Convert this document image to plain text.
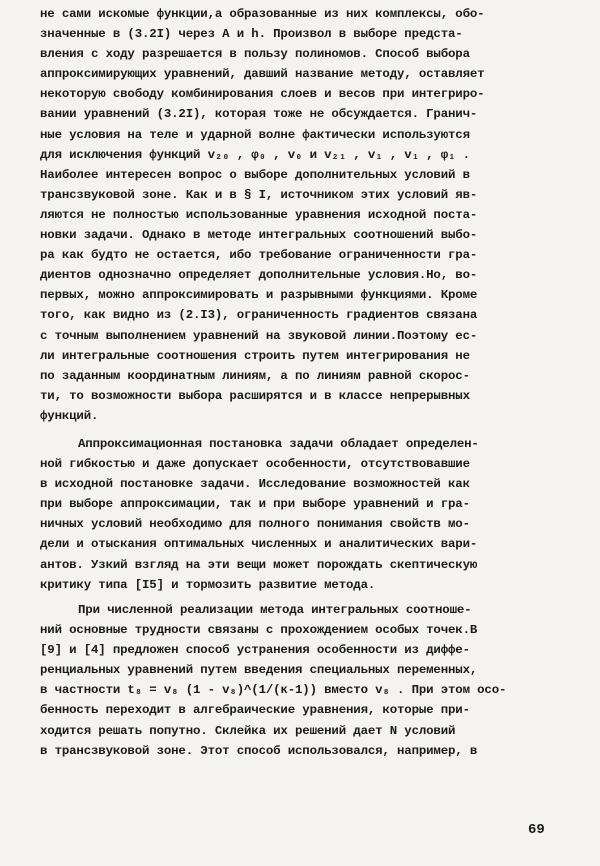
не сами искомые функции,а образованные из них комплексы, обо-
значенные в (3.2I) через A и h. Произвол в выборе предста-
вления с ходу разрешается в пользу полиномов. Способ выбора
аппроксимирующих уравнений, давший название методу, оставляет
некоторую свободу комбинирования слоев и весов при интегриро-
вании уравнений (3.2I), которая тоже не обсуждается. Гранич-
ные условия на теле и ударной волне фактически используются
для исключения функций v₂₀ , φ₀ , v₀ и v₂₁ , v₁ , v₁ , φ₁ .
Наиболее интересен вопрос о выборе дополнительных условий в
трансзвуковой зоне. Как и в § I, источником этих условий яв-
ляются не полностью использованные уравнения исходной поста-
новки задачи. Однако в методе интегральных соотношений выбо-
ра как будто не остается, ибо требование ограниченности гра-
диентов однозначно определяет дополнительные условия.Но, во-
первых, можно аппроксимировать и разрывными функциями. Кроме
того, как видно из (2.I3), ограниченность градиентов связана
с точным выполнением уравнений на звуковой линии.Поэтому ес-
ли интегральные соотношения строить путем интегрирования не
по заданным координатным линиям, а по линиям равной скорос-
ти, то возможности выбора расширятся и в классе непрерывных
функций.
Аппроксимационная постановка задачи обладает определен-
ной гибкостью и даже допускает особенности, отсутствовавшие
в исходной постановке задачи. Исследование возможностей как
при выборе аппроксимации, так и при выборе уравнений и гра-
ничных условий необходимо для полного понимания свойств мо-
дели и отыскания оптимальных численных и аналитических вари-
антов. Узкий взгляд на эти вещи может порождать скептическую
критику типа [I5] и тормозить развитие метода.
При численной реализации метода интегральных соотноше-
ний основные трудности связаны с прохождением особых точек.В
[9] и [4] предложен способ устранения особенности из диффе-
ренциальных уравнений путем введения специальных переменных,
в частности t₈ = v₈ (1 - v₈)^(1/(κ-1)) вместо v₈ . При этом осо-
бенность переходит в алгебраические уравнения, которые при-
ходится решать попутно. Склейка их решений дает N условий
в трансзвуковой зоне. Этот способ использовался, например, в
69
